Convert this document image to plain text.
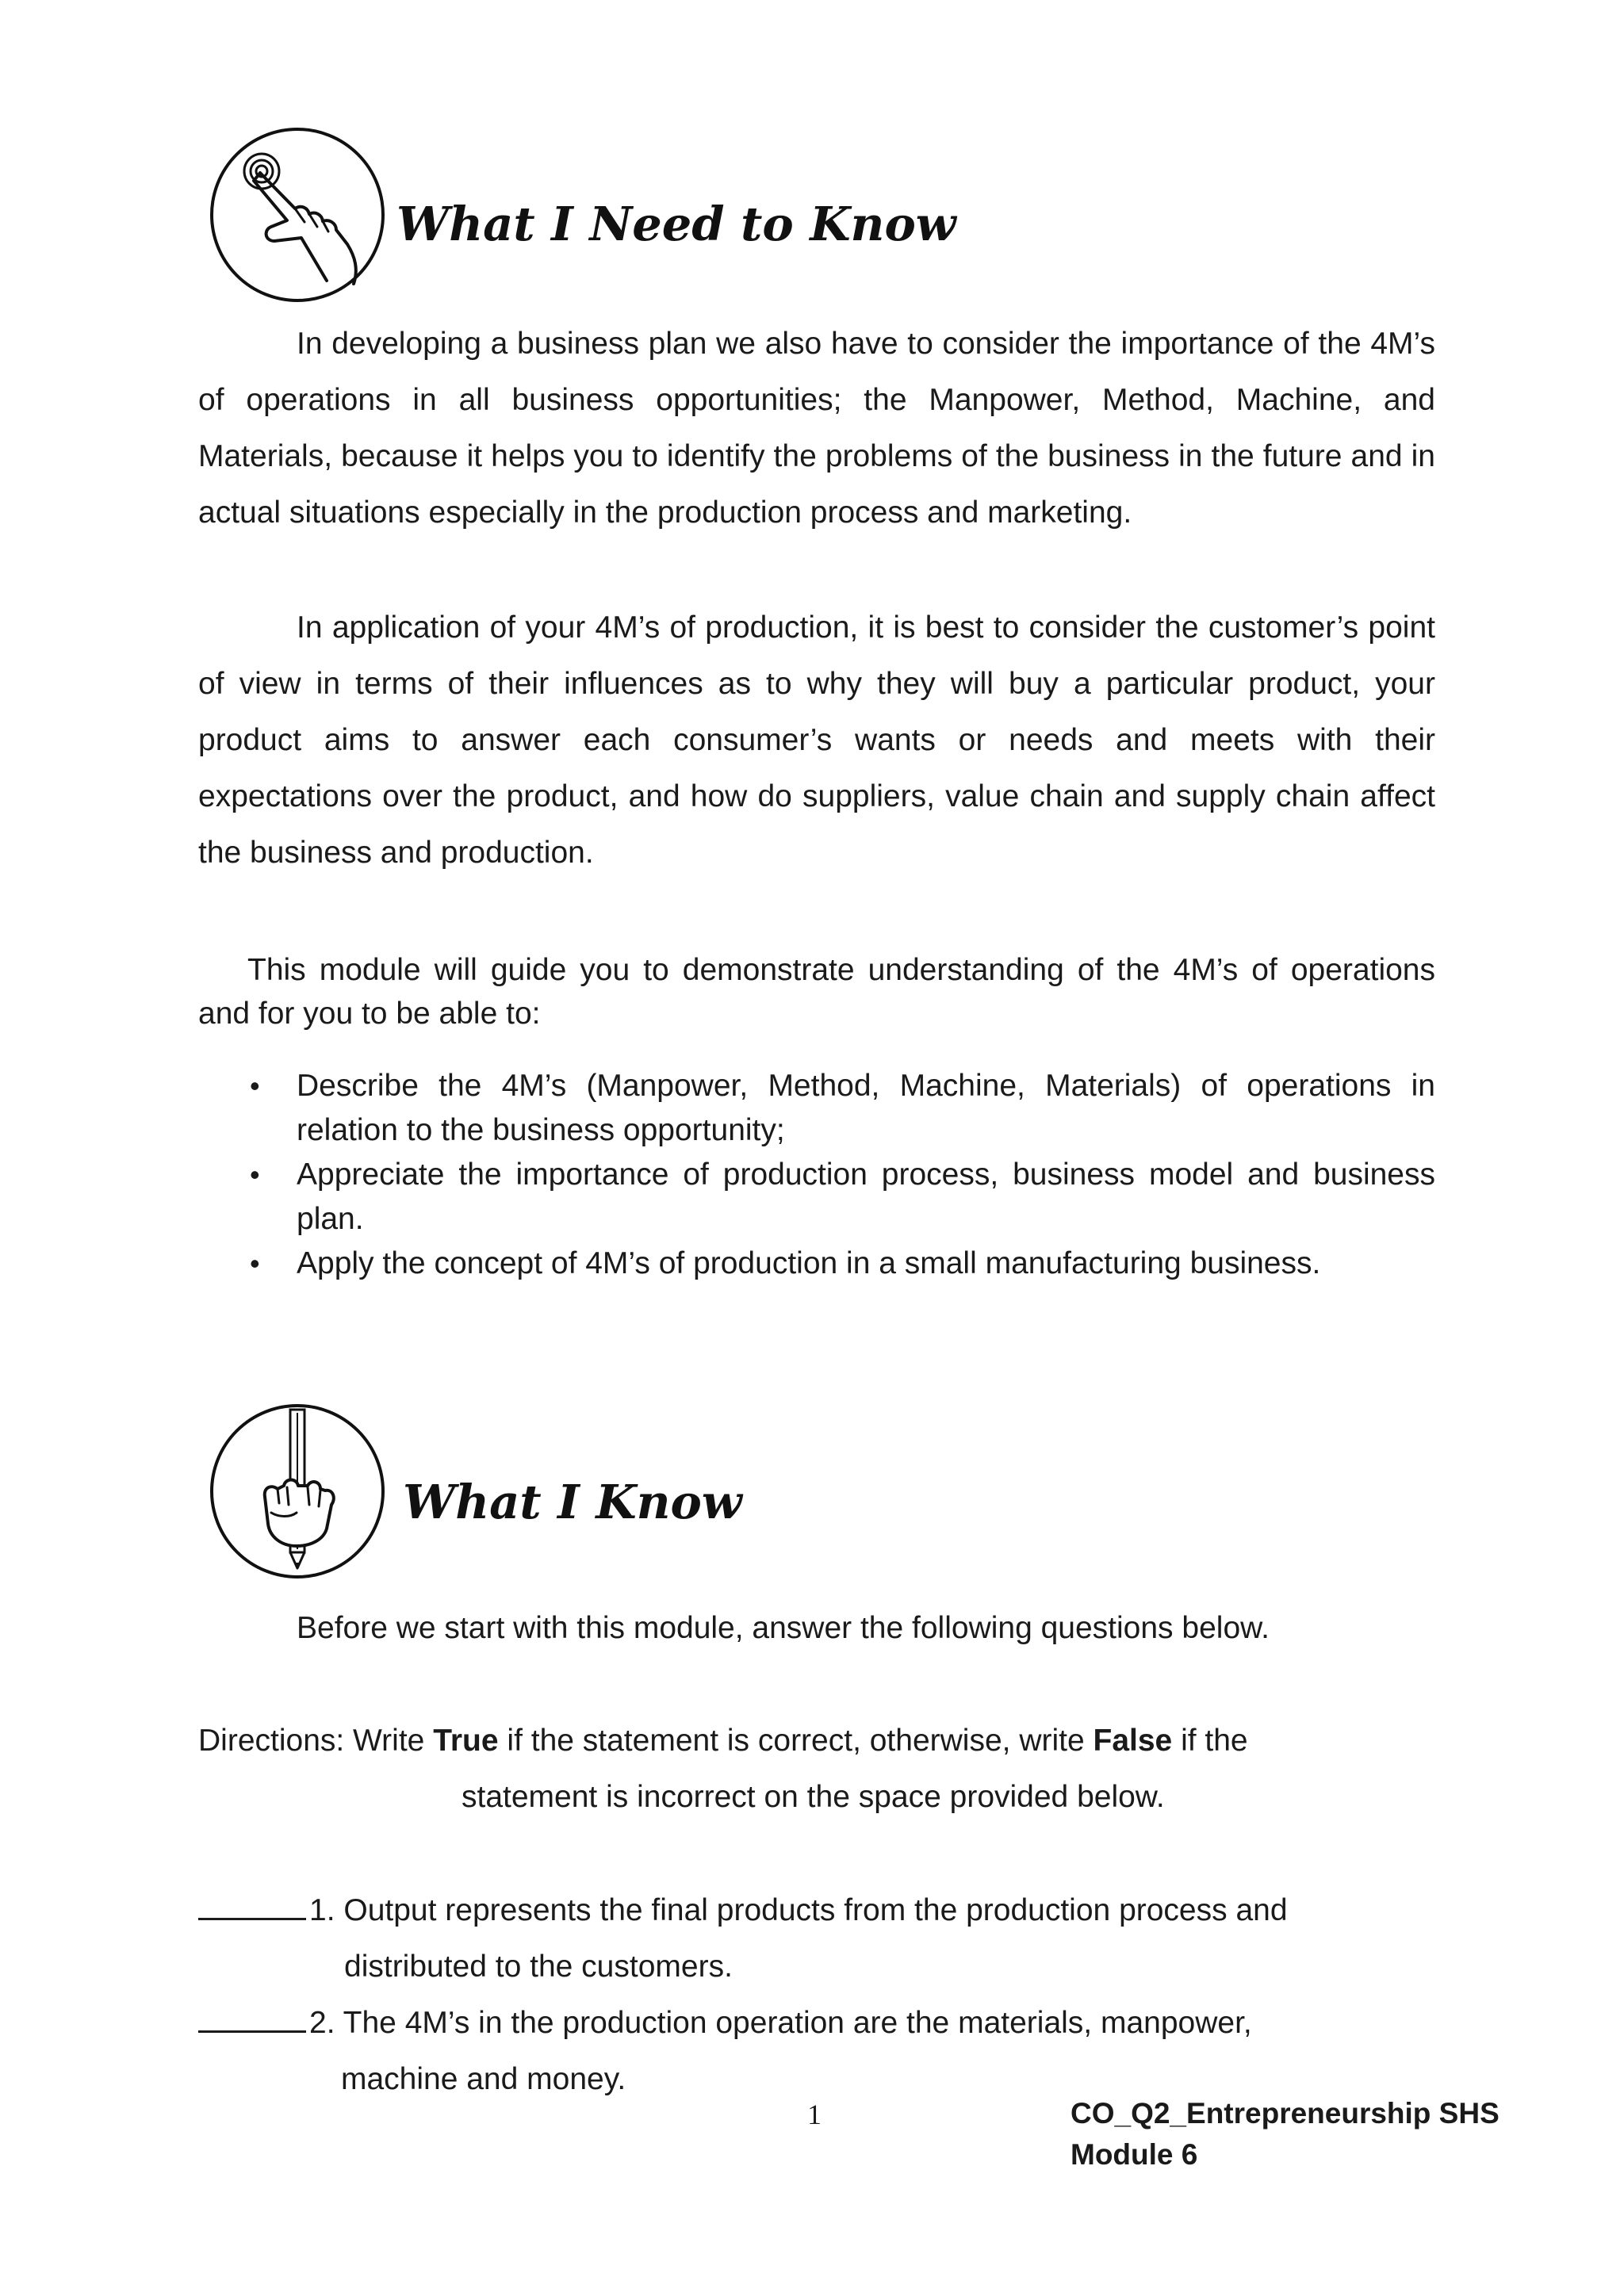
What I Need to Know
In developing a business plan we also have to consider the importance of the 4M’s of operations in all business opportunities; the Manpower, Method, Machine, and Materials, because it helps you to identify the problems of the business in the future and in actual situations especially in the production process and marketing.
In application of your 4M’s of production, it is best to consider the customer’s point of view in terms of their influences as to why they will buy a particular product, your product aims to answer each consumer’s wants or needs and meets with their expectations over the product, and how do suppliers, value chain and supply chain affect the business and production.
This module will guide you to demonstrate understanding of the 4M’s of operations and for you to be able to:
• Describe the 4M’s (Manpower, Method, Machine, Materials) of operations in relation to the business opportunity;
• Appreciate the importance of production process, business model and business plan.
• Apply the concept of 4M’s of production in a small manufacturing business.
What I Know
Before we start with this module, answer the following questions below.
Directions: Write True if the statement is correct, otherwise, write False if the
statement is incorrect on the space provided below.
1. Output represents the final products from the production process and
distributed to the customers.
2. The 4M’s in the production operation are the materials, manpower,
machine and money.
1	CO_Q2_Entrepreneurship SHS
Module 6
